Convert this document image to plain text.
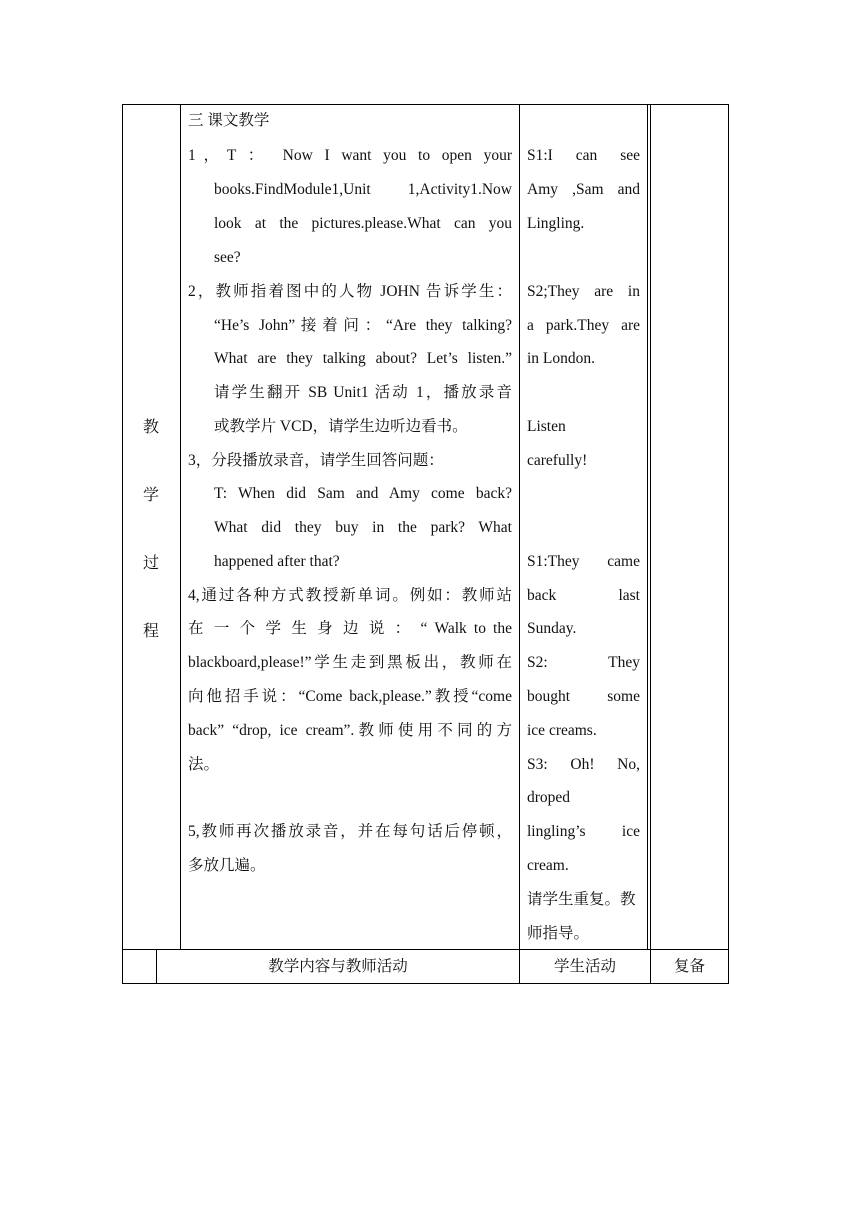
教
学
过
程
三 课文教学
1，T ： Now I want you to open your
books.FindModule1,Unit 1,Activity1.Now
look at the pictures.please.What can you
see?
2，教师指着图中的人物 JOHN 告诉学生：
“He’s John”接着问：“Are they talking?
What are they talking about? Let’s listen.”
请学生翻开 SB Unit1 活动 1，播放录音
或教学片 VCD，请学生边听边看书。
3，分段播放录音，请学生回答问题：
T: When did Sam and Amy come back?
What did they buy in the park? What
happened after that?
4,通过各种方式教授新单词。例如：教师站
在 一 个 学 生 身 边 说 ： “ Walk to the
blackboard,please!”学生走到黑板出，教师在
向他招手说：“Come back,please.”教授“come
back” “drop, ice cream”.教师使用不同的方
法。
5,教师再次播放录音，并在每句话后停顿，
多放几遍。
S1:I can see
Amy ,Sam and
Lingling.
S2;They are in
a park.They are
in London.
Listen
carefully!
S1:They came
back last
Sunday.
S2: They
bought some
ice creams.
S3: Oh! No,
droped
lingling’s ice
cream.
请学生重复。教
师指导。
教学内容与教师活动	学生活动	复备
